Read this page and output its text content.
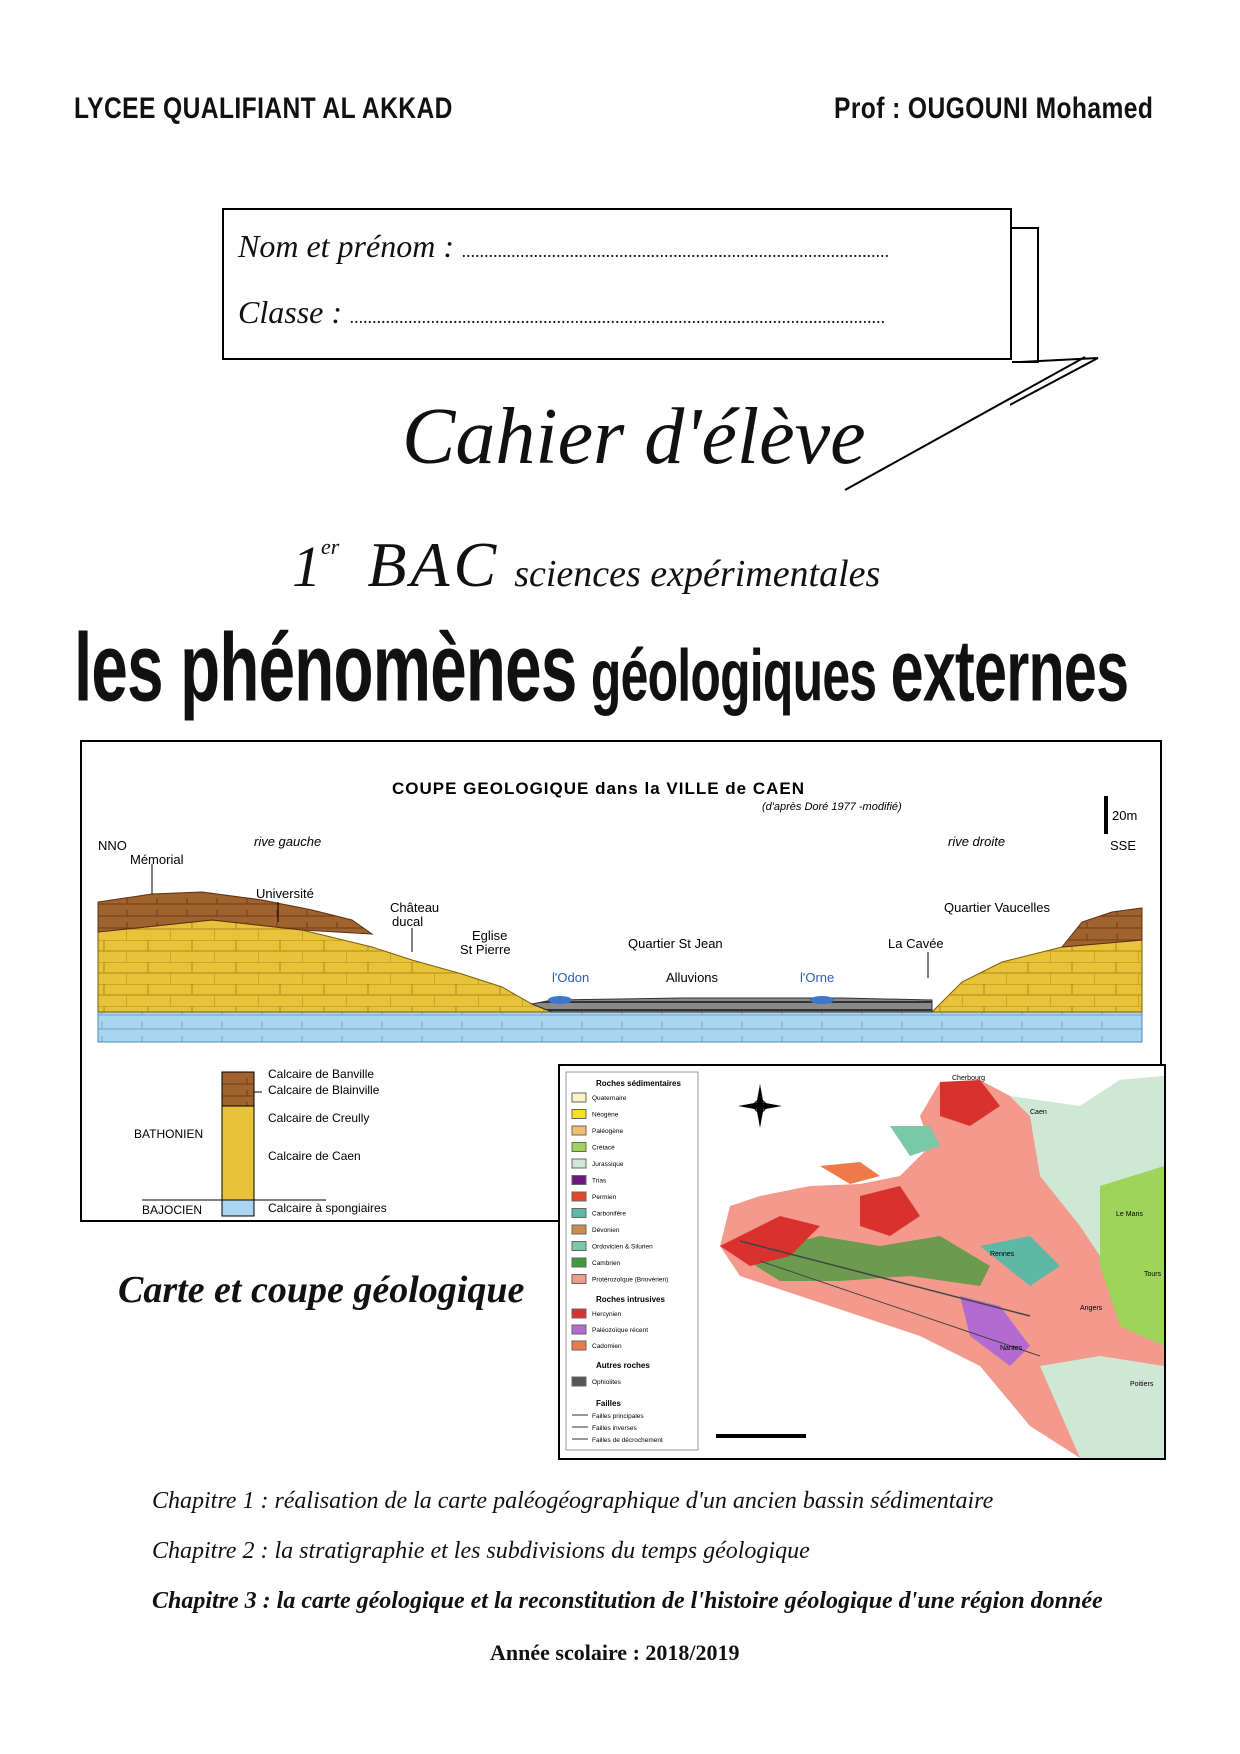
LYCEE QUALIFIANT AL AKKAD	Prof : OUGOUNI Mohamed
Nom et prénom : ...............................................................................................
Classe : .......................................................................................................................
Cahier d'élève
1er BAC sciences expérimentales
les phénomènes géologiques externes
COUPE GEOLOGIQUE dans la VILLE de CAEN
(d'après Doré 1977 -modifié)
20m
NNO	SSE
rive gauche	rive droite
Mémorial
Université
Château
ducal
Eglise
St Pierre	Quartier St Jean
Quartier Vaucelles
La Cavée
l'Odon	l'Orne
Alluvions
Calcaire de Banville
Calcaire de Blainville
Calcaire de Creully
Calcaire de Caen
Calcaire à spongiaires
BATHONIEN
BAJOCIEN
Roches sédimentaires
Quaternaire
Néogène
Paléogène
Crétacé
Jurassique
Trias
Permien
Carbonifère
Dévonien
Ordovicien & Silurien
Cambrien
Protérozoïque (Briovérien)
Roches intrusives
Hercynien
Paléozoïque récent
Cadomien
Autres roches
Ophiolites
Failles
Failles principales
Failles inverses
Failles de décrochement
Cherbourg
Caen
Rennes
Le Mans
Angers
Nantes
Tours
Poitiers
Carte et coupe géologique
Chapitre 1 : réalisation de la carte paléogéographique d'un ancien bassin sédimentaire
Chapitre 2 : la stratigraphie et les subdivisions du temps géologique
Chapitre 3 : la carte géologique et la reconstitution de l'histoire géologique d'une région donnée
Année scolaire : 2018/2019
